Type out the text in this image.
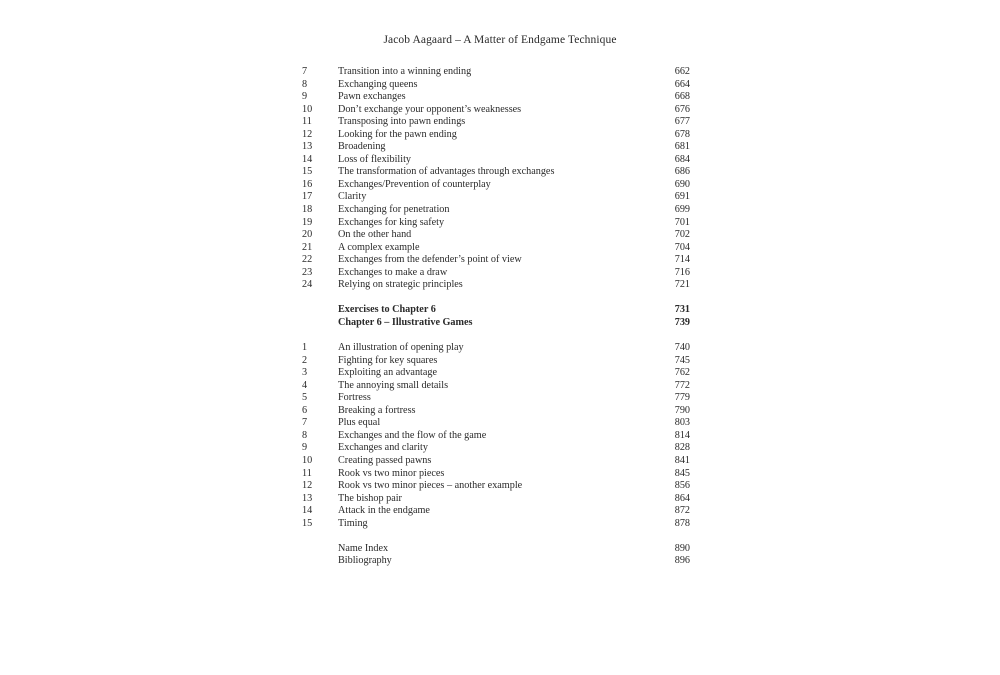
Jacob Aagaard – A Matter of Endgame Technique
7	Transition into a winning ending	662
8	Exchanging queens	664
9	Pawn exchanges	668
10	Don’t exchange your opponent’s weaknesses	676
11	Transposing into pawn endings	677
12	Looking for the pawn ending	678
13	Broadening	681
14	Loss of flexibility	684
15	The transformation of advantages through exchanges	686
16	Exchanges/Prevention of counterplay	690
17	Clarity	691
18	Exchanging for penetration	699
19	Exchanges for king safety	701
20	On the other hand	702
21	A complex example	704
22	Exchanges from the defender’s point of view	714
23	Exchanges to make a draw	716
24	Relying on strategic principles	721
Exercises to Chapter 6	731
Chapter 6 – Illustrative Games	739
1	An illustration of opening play	740
2	Fighting for key squares	745
3	Exploiting an advantage	762
4	The annoying small details	772
5	Fortress	779
6	Breaking a fortress	790
7	Plus equal	803
8	Exchanges and the flow of the game	814
9	Exchanges and clarity	828
10	Creating passed pawns	841
11	Rook vs two minor pieces	845
12	Rook vs two minor pieces – another example	856
13	The bishop pair	864
14	Attack in the endgame	872
15	Timing	878
Name Index	890
Bibliography	896
